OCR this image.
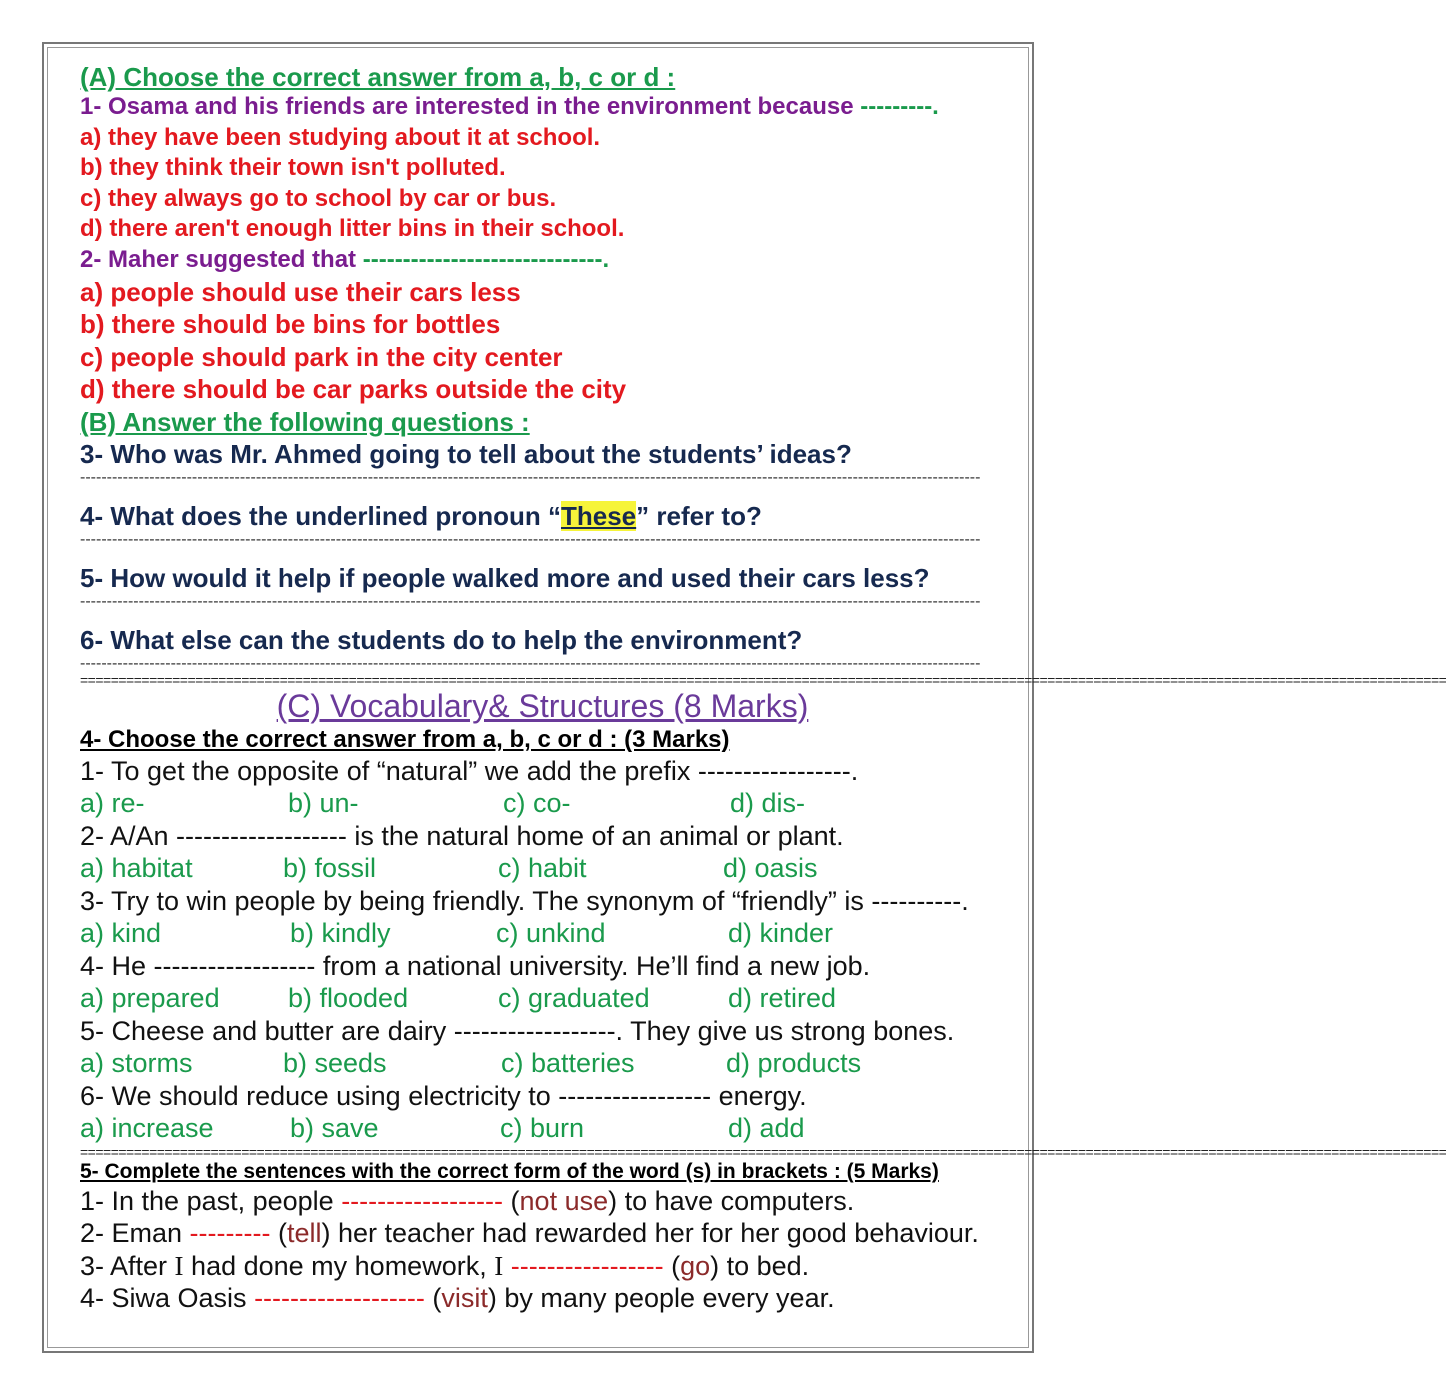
(A) Choose the correct answer from a, b, c or d :
1- Osama and his friends are interested in the environment because ---------.
a) they have been studying about it at school.
b) they think their town isn't polluted.
c) they always go to school by car or bus.
d) there aren't enough litter bins in their school.
2- Maher suggested that ------------------------------.
a) people should use their cars less
b) there should be bins for bottles
c) people should park in the city center
d) there should be car parks outside the city
(B) Answer the following questions :
3- Who was Mr. Ahmed going to tell about the students’ ideas?
-------------------------------------------------------------------------------------------------------------------------------------------------------------------------
4- What does the underlined pronoun “These” refer to?
-------------------------------------------------------------------------------------------------------------------------------------------------------------------------
5- How would it help if people walked more and used their cars less?
-------------------------------------------------------------------------------------------------------------------------------------------------------------------------
6- What else can the students do to help the environment?
-------------------------------------------------------------------------------------------------------------------------------------------------------------------------
==================================================================================================================================================================================
(C) Vocabulary& Structures (8 Marks)
4- Choose the correct answer from a, b, c or d : (3 Marks)
1- To get the opposite of “natural” we add the prefix -----------------.
a) re-	b) un-	c) co-	d) dis-
2- A/An ------------------- is the natural home of an animal or plant.
a) habitat	b) fossil	c) habit	d) oasis
3- Try to win people by being friendly. The synonym of “friendly” is ----------.
a) kind	b) kindly	c) unkind	d) kinder
4- He ------------------ from a national university. He’ll find a new job.
a) prepared	b) flooded	c) graduated	d) retired
5- Cheese and butter are dairy ------------------. They give us strong bones.
a) storms	b) seeds	c) batteries	d) products
6- We should reduce using electricity to ----------------- energy.
a) increase	b) save	c) burn	d) add
==================================================================================================================================================================================
5- Complete the sentences with the correct form of the word (s) in brackets : (5 Marks)
1- In the past, people ------------------ (not use) to have computers.
2- Eman --------- (tell) her teacher had rewarded her for her good behaviour.
3- After I had done my homework, I ----------------- (go) to bed.
4- Siwa Oasis ------------------- (visit) by many people every year.
